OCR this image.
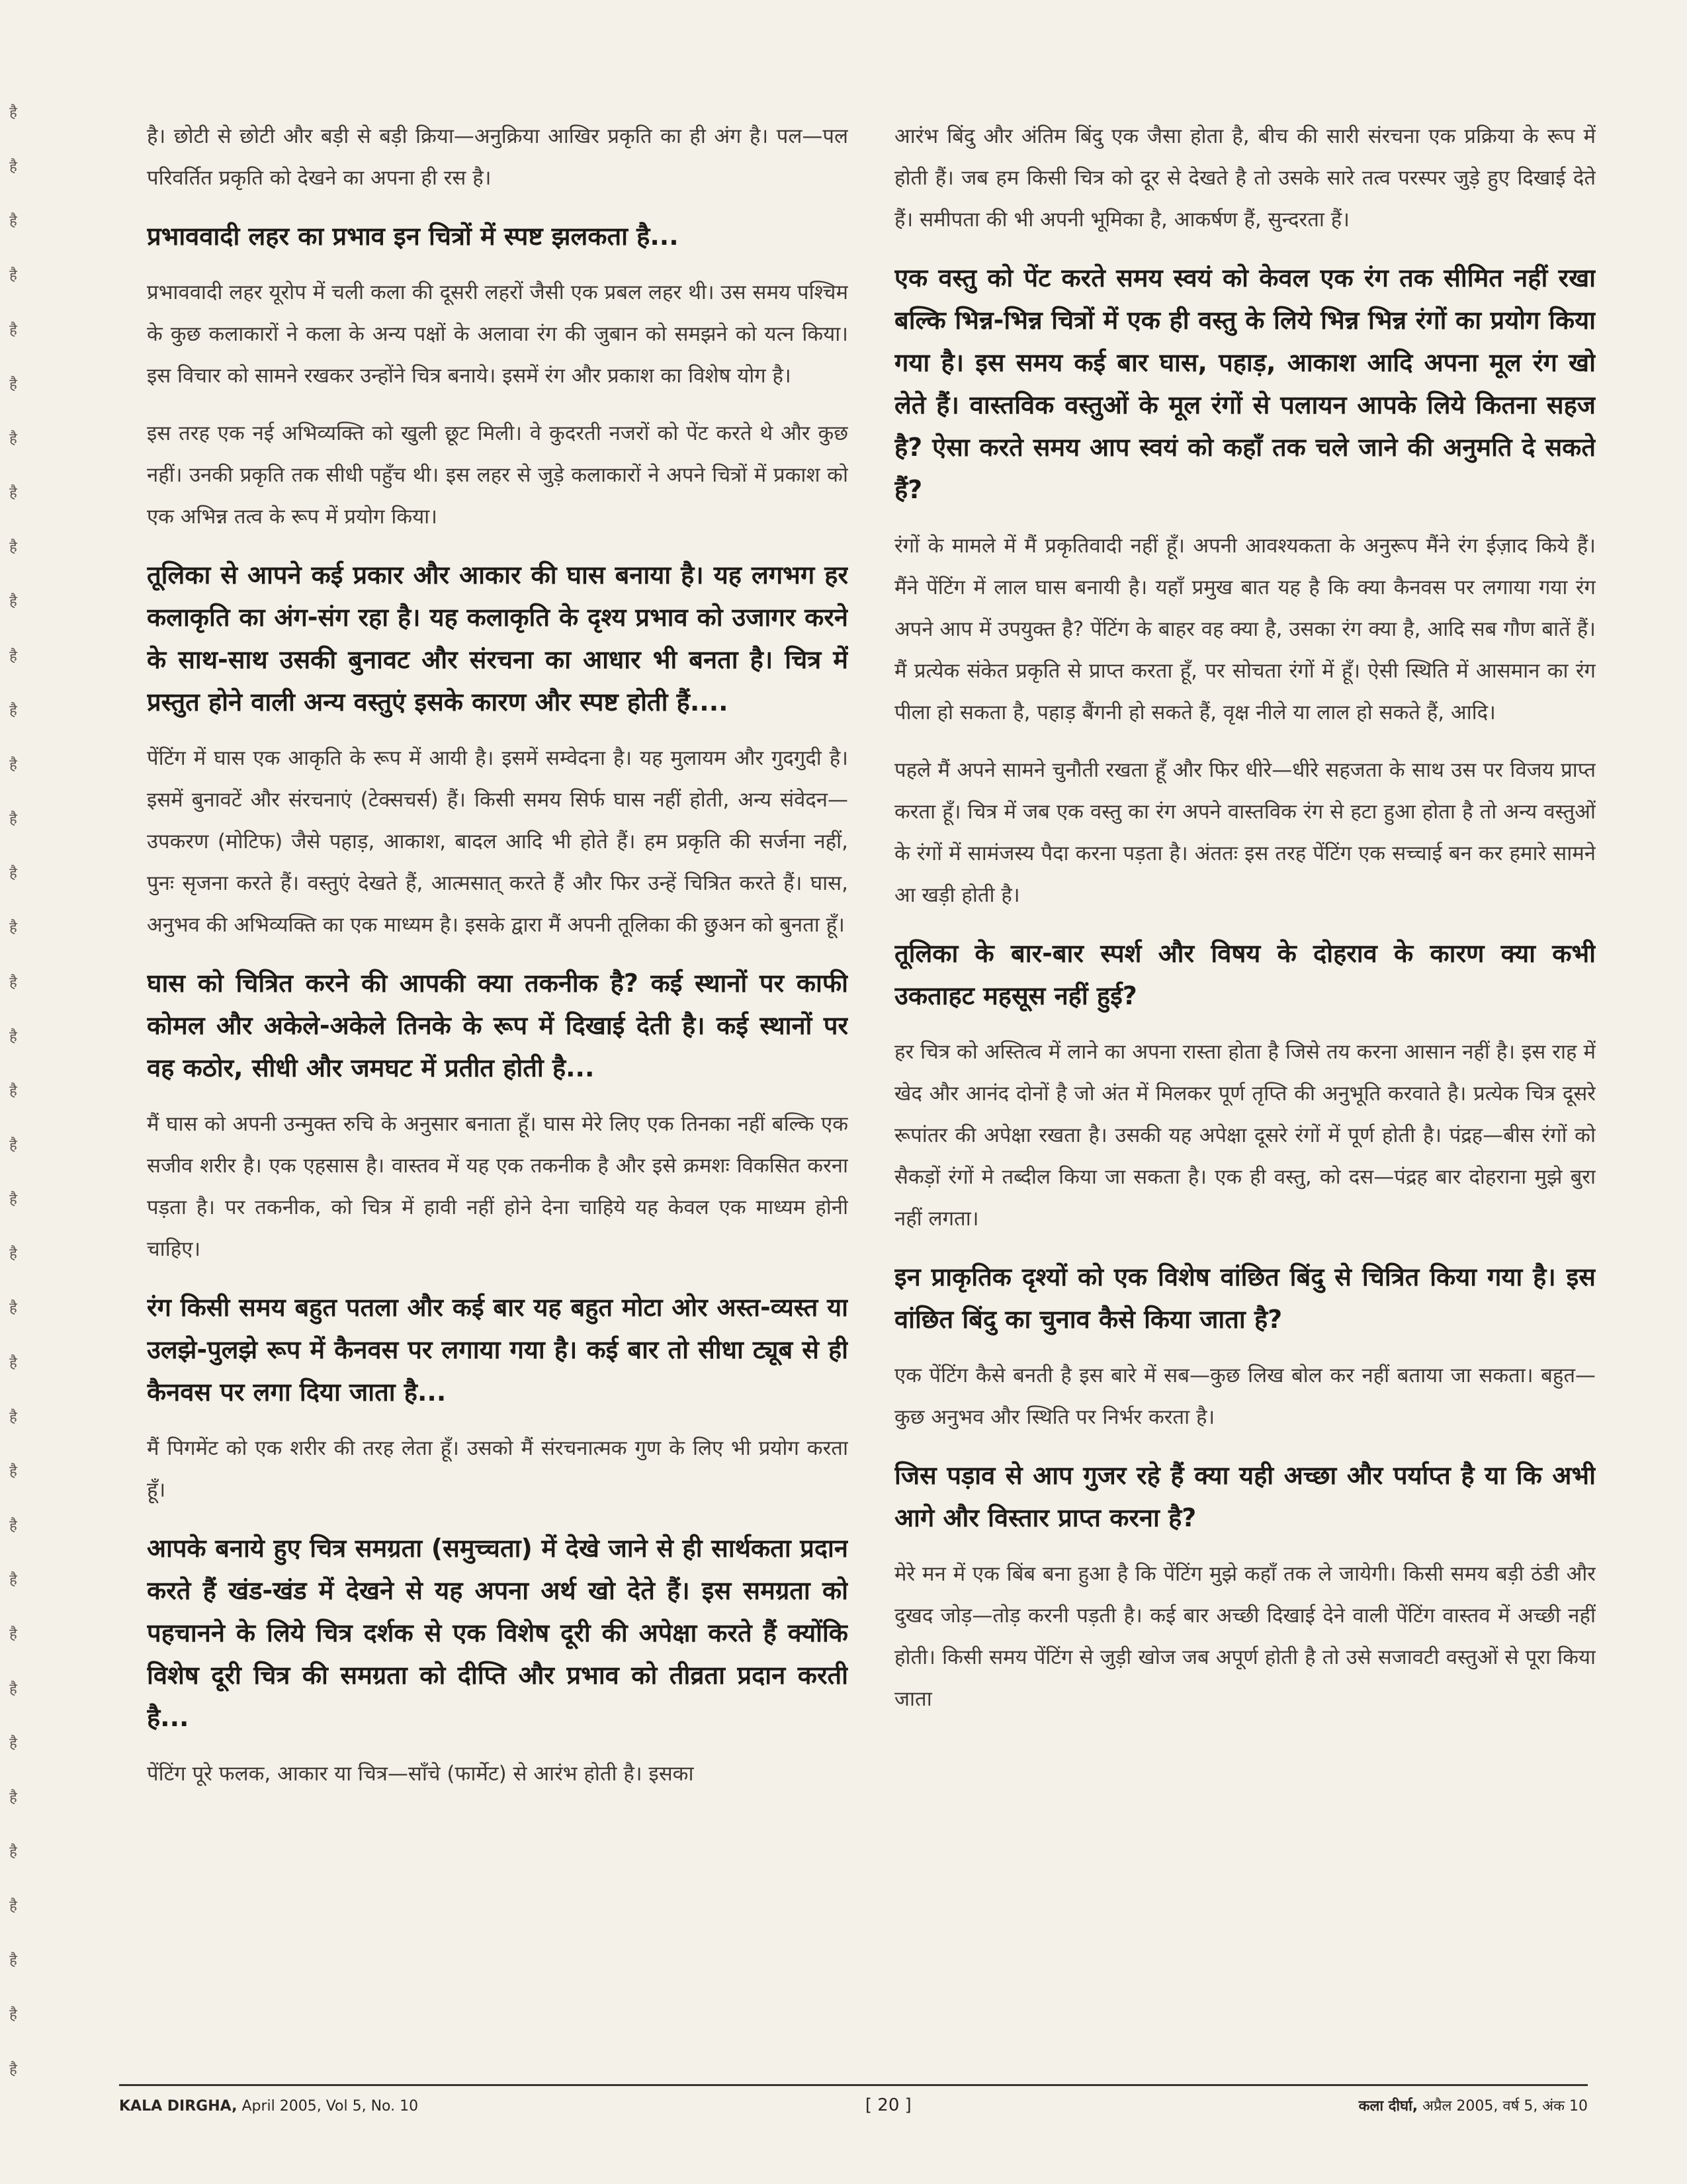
है
है
है
है
है
है
है
है
है
है
है
है
है
है
है
है
है
है
है
है
है
है
है
है
है
है
है
है
है
है
है
है
है
है
है
है
है
है। छोटी से छोटी और बड़ी से बड़ी क्रिया—अनुक्रिया आखिर प्रकृति का ही अंग है। पल—पल परिवर्तित प्रकृति को देखने का अपना ही रस है।
प्रभाववादी लहर का प्रभाव इन चित्रों में स्पष्ट झलकता है...
प्रभाववादी लहर यूरोप में चली कला की दूसरी लहरों जैसी एक प्रबल लहर थी। उस समय पश्चिम के कुछ कलाकारों ने कला के अन्य पक्षों के अलावा रंग की जुबान को समझने को यत्न किया। इस विचार को सामने रखकर उन्होंने चित्र बनाये। इसमें रंग और प्रकाश का विशेष योग है।
इस तरह एक नई अभिव्यक्ति को खुली छूट मिली। वे कुदरती नजरों को पेंट करते थे और कुछ नहीं। उनकी प्रकृति तक सीधी पहुँच थी। इस लहर से जुड़े कलाकारों ने अपने चित्रों में प्रकाश को एक अभिन्न तत्व के रूप में प्रयोग किया।
तूलिका से आपने कई प्रकार और आकार की घास बनाया है। यह लगभग हर कलाकृति का अंग-संग रहा है। यह कलाकृति के दृश्य प्रभाव को उजागर करने के साथ-साथ उसकी बुनावट और संरचना का आधार भी बनता है। चित्र में प्रस्तुत होने वाली अन्य वस्तुएं इसके कारण और स्पष्ट होती हैं....
पेंटिंग में घास एक आकृति के रूप में आयी है। इसमें सम्वेदना है। यह मुलायम और गुदगुदी है। इसमें बुनावटें और संरचनाएं (टेक्सचर्स) हैं। किसी समय सिर्फ घास नहीं होती, अन्य संवेदन—उपकरण (मोटिफ) जैसे पहाड़, आकाश, बादल आदि भी होते हैं। हम प्रकृति की सर्जना नहीं, पुनः सृजना करते हैं। वस्तुएं देखते हैं, आत्मसात् करते हैं और फिर उन्हें चित्रित करते हैं। घास, अनुभव की अभिव्यक्ति का एक माध्यम है। इसके द्वारा मैं अपनी तूलिका की छुअन को बुनता हूँ।
घास को चित्रित करने की आपकी क्या तकनीक है? कई स्थानों पर काफी कोमल और अकेले-अकेले तिनके के रूप में दिखाई देती है। कई स्थानों पर वह कठोर, सीधी और जमघट में प्रतीत होती है...
मैं घास को अपनी उन्मुक्त रुचि के अनुसार बनाता हूँ। घास मेरे लिए एक तिनका नहीं बल्कि एक सजीव शरीर है। एक एहसास है। वास्तव में यह एक तकनीक है और इसे क्रमशः विकसित करना पड़ता है। पर तकनीक, को चित्र में हावी नहीं होने देना चाहिये यह केवल एक माध्यम होनी चाहिए।
रंग किसी समय बहुत पतला और कई बार यह बहुत मोटा ओर अस्त-व्यस्त या उलझे-पुलझे रूप में कैनवस पर लगाया गया है। कई बार तो सीधा ट्यूब से ही कैनवस पर लगा दिया जाता है...
मैं पिगमेंट को एक शरीर की तरह लेता हूँ। उसको मैं संरचनात्मक गुण के लिए भी प्रयोग करता हूँ।
आपके बनाये हुए चित्र समग्रता (समुच्चता) में देखे जाने से ही सार्थकता प्रदान करते हैं खंड-खंड में देखने से यह अपना अर्थ खो देते हैं। इस समग्रता को पहचानने के लिये चित्र दर्शक से एक विशेष दूरी की अपेक्षा करते हैं क्योंकि विशेष दूरी चित्र की समग्रता को दीप्ति और प्रभाव को तीव्रता प्रदान करती है...
पेंटिंग पूरे फलक, आकार या चित्र—साँचे (फार्मेट) से आरंभ होती है। इसका
आरंभ बिंदु और अंतिम बिंदु एक जैसा होता है, बीच की सारी संरचना एक प्रक्रिया के रूप में होती हैं। जब हम किसी चित्र को दूर से देखते है तो उसके सारे तत्व परस्पर जुड़े हुए दिखाई देते हैं। समीपता की भी अपनी भूमिका है, आकर्षण हैं, सुन्दरता हैं।
एक वस्तु को पेंट करते समय स्वयं को केवल एक रंग तक सीमित नहीं रखा बल्कि भिन्न-भिन्न चित्रों में एक ही वस्तु के लिये भिन्न भिन्न रंगों का प्रयोग किया गया है। इस समय कई बार घास, पहाड़, आकाश आदि अपना मूल रंग खो लेते हैं। वास्तविक वस्तुओं के मूल रंगों से पलायन आपके लिये कितना सहज है? ऐसा करते समय आप स्वयं को कहाँ तक चले जाने की अनुमति दे सकते हैं?
रंगों के मामले में मैं प्रकृतिवादी नहीं हूँ। अपनी आवश्यकता के अनुरूप मैंने रंग ईज़ाद किये हैं। मैंने पेंटिंग में लाल घास बनायी है। यहाँ प्रमुख बात यह है कि क्या कैनवस पर लगाया गया रंग अपने आप में उपयुक्त है? पेंटिंग के बाहर वह क्या है, उसका रंग क्या है, आदि सब गौण बातें हैं। मैं प्रत्येक संकेत प्रकृति से प्राप्त करता हूँ, पर सोचता रंगों में हूँ। ऐसी स्थिति में आसमान का रंग पीला हो सकता है, पहाड़ बैंगनी हो सकते हैं, वृक्ष नीले या लाल हो सकते हैं, आदि।
पहले मैं अपने सामने चुनौती रखता हूँ और फिर धीरे—धीरे सहजता के साथ उस पर विजय प्राप्त करता हूँ। चित्र में जब एक वस्तु का रंग अपने वास्तविक रंग से हटा हुआ होता है तो अन्य वस्तुओं के रंगों में सामंजस्य पैदा करना पड़ता है। अंततः इस तरह पेंटिंग एक सच्चाई बन कर हमारे सामने आ खड़ी होती है।
तूलिका के बार-बार स्पर्श और विषय के दोहराव के कारण क्या कभी उकताहट महसूस नहीं हुई?
हर चित्र को अस्तित्व में लाने का अपना रास्ता होता है जिसे तय करना आसान नहीं है। इस राह में खेद और आनंद दोनों है जो अंत में मिलकर पूर्ण तृप्ति की अनुभूति करवाते है। प्रत्येक चित्र दूसरे रूपांतर की अपेक्षा रखता है। उसकी यह अपेक्षा दूसरे रंगों में पूर्ण होती है। पंद्रह—बीस रंगों को सैकड़ों रंगों मे तब्दील किया जा सकता है। एक ही वस्तु, को दस—पंद्रह बार दोहराना मुझे बुरा नहीं लगता।
इन प्राकृतिक दृश्यों को एक विशेष वांछित बिंदु से चित्रित किया गया है। इस वांछित बिंदु का चुनाव कैसे किया जाता है?
एक पेंटिंग कैसे बनती है इस बारे में सब—कुछ लिख बोल कर नहीं बताया जा सकता। बहुत—कुछ अनुभव और स्थिति पर निर्भर करता है।
जिस पड़ाव से आप गुजर रहे हैं क्या यही अच्छा और पर्याप्त है या कि अभी आगे और विस्तार प्राप्त करना है?
मेरे मन में एक बिंब बना हुआ है कि पेंटिंग मुझे कहाँ तक ले जायेगी। किसी समय बड़ी ठंडी और दुखद जोड़—तोड़ करनी पड़ती है। कई बार अच्छी दिखाई देने वाली पेंटिंग वास्तव में अच्छी नहीं होती। किसी समय पेंटिंग से जुड़ी खोज जब अपूर्ण होती है तो उसे सजावटी वस्तुओं से पूरा किया जाता
KALA DIRGHA, April 2005, Vol 5, No. 10	[ 20 ]	कला दीर्घा, अप्रैल 2005, वर्ष 5, अंक 10
